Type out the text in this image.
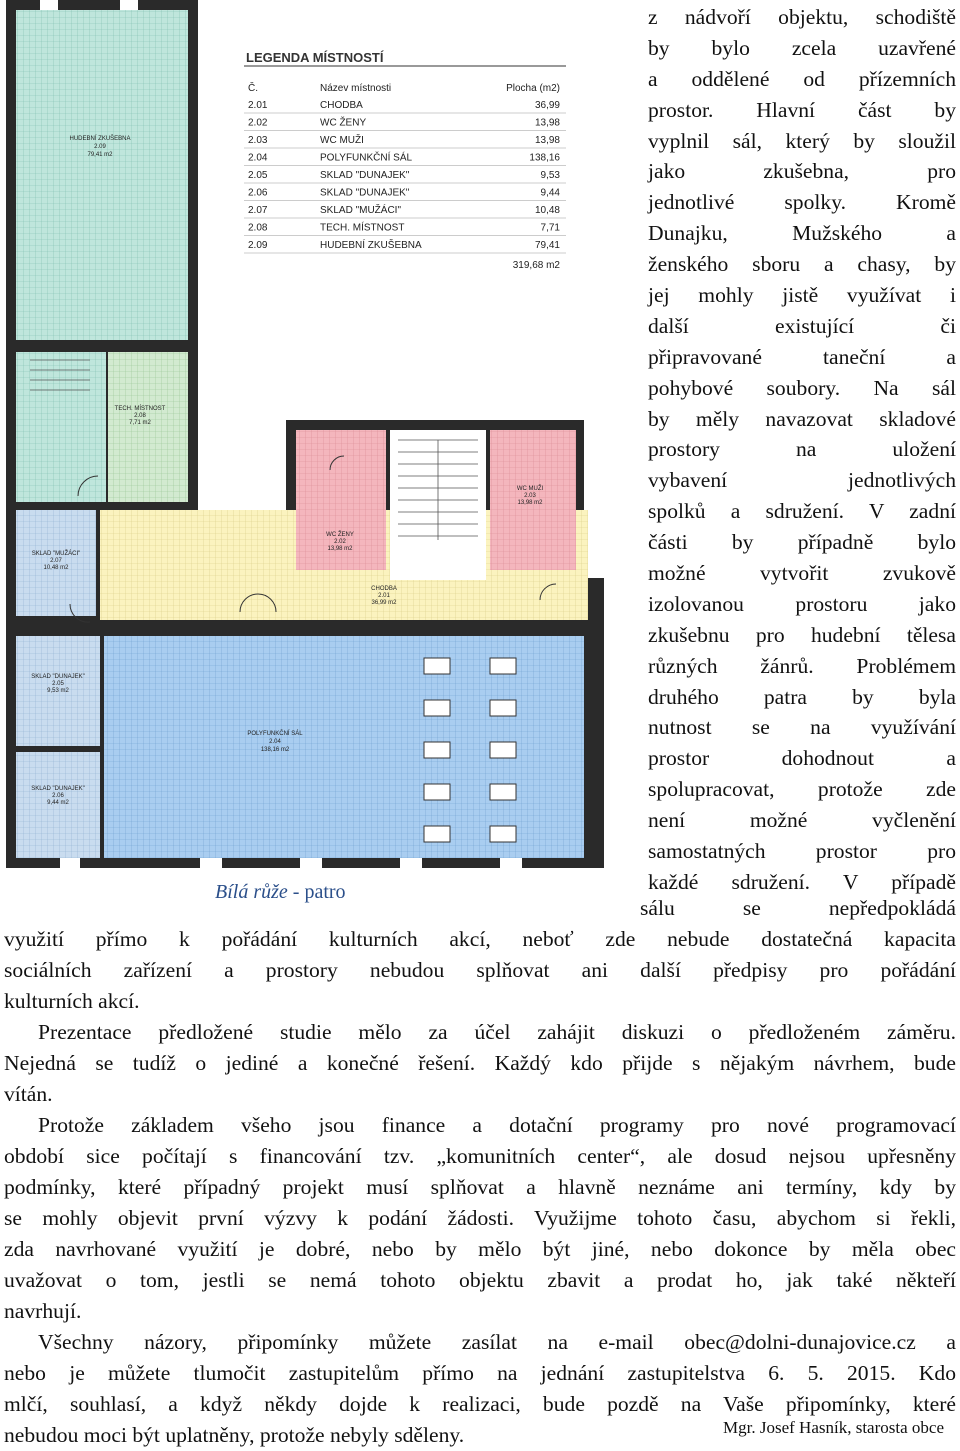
HUDEBNÍ ZKUŠEBNA
2.09
79,41 m2
TECH. MÍSTNOST
2.08
7,71 m2
SKLAD "MUŽÁCI"
2.07
10,48 m2
WC ŽENY
2.02
13,98 m2
WC MUŽI
2.03
13,98 m2
CHODBA
2.01
36,99 m2
SKLAD "DUNAJEK"
2.05
9,53 m2
SKLAD "DUNAJEK"
2.06
9,44 m2
POLYFUNKČNÍ SÁL
2.04
138,16 m2
LEGENDA MÍSTNOSTÍ
Č.	Název místnosti	Plocha (m2)
2.01	CHODBA	36,99
2.02	WC ŽENY	13,98
2.03	WC MUŽI	13,98
2.04	POLYFUNKČNÍ SÁL	138,16
2.05	SKLAD "DUNAJEK"	9,53
2.06	SKLAD "DUNAJEK"	9,44
2.07	SKLAD "MUŽÁCI"	10,48
2.08	TECH. MÍSTNOST	7,71
2.09	HUDEBNÍ ZKUŠEBNA	79,41
319,68 m2
Bílá růže - patro
z nádvoří objektu, schodiště
by bylo zcela uzavřené
a oddělené od přízemních
prostor. Hlavní část by
vyplnil sál, který by sloužil
jako zkušebna, pro
jednotlivé spolky. Kromě
Dunajku, Mužského a
ženského sboru a chasy, by
jej mohly jistě využívat i
další existující či
připravované taneční a
pohybové soubory. Na sál
by měly navazovat skladové
prostory na uložení
vybavení jednotlivých
spolků a sdružení. V zadní
části by případně bylo
možné vytvořit zvukově
izolovanou prostoru jako
zkušebnu pro hudební tělesa
různých žánrů. Problémem
druhého patra by byla
nutnost se na využívání
prostor dohodnout a
spolupracovat, protože zde
není možné vyčlenění
samostatných prostor pro
každé sdružení. V případě
sálu se nepředpokládá
využití přímo k pořádání kulturních akcí, neboť zde nebude dostatečná kapacita
sociálních zařízení a prostory nebudou splňovat ani další předpisy pro pořádání
kulturních akcí.
Prezentace předložené studie mělo za účel zahájit diskuzi o předloženém záměru.
Nejedná se tudíž o jediné a konečné řešení. Každý kdo přijde s nějakým návrhem, bude
vítán.
Protože základem všeho jsou finance a dotační programy pro nové programovací
období sice počítají s financování tzv. „komunitních center“, ale dosud nejsou upřesněny
podmínky, které případný projekt musí splňovat a hlavně neznáme ani termíny, kdy by
se mohly objevit první výzvy k podání žádosti. Využijme tohoto času, abychom si řekli,
zda navrhované využití je dobré, nebo by mělo být jiné, nebo dokonce by měla obec
uvažovat o tom, jestli se nemá tohoto objektu zbavit a prodat ho, jak také někteří
navrhují.
Všechny názory, připomínky můžete zasílat na e-mail obec@dolni-dunajovice.cz a
nebo je můžete tlumočit zastupitelům přímo na jednání zastupitelstva 6. 5. 2015. Kdo
mlčí, souhlasí, a když někdy dojde k realizaci, bude pozdě na Vaše připomínky, které
nebudou moci být uplatněny, protože nebyly sděleny.	Mgr. Josef Hasník, starosta obce
